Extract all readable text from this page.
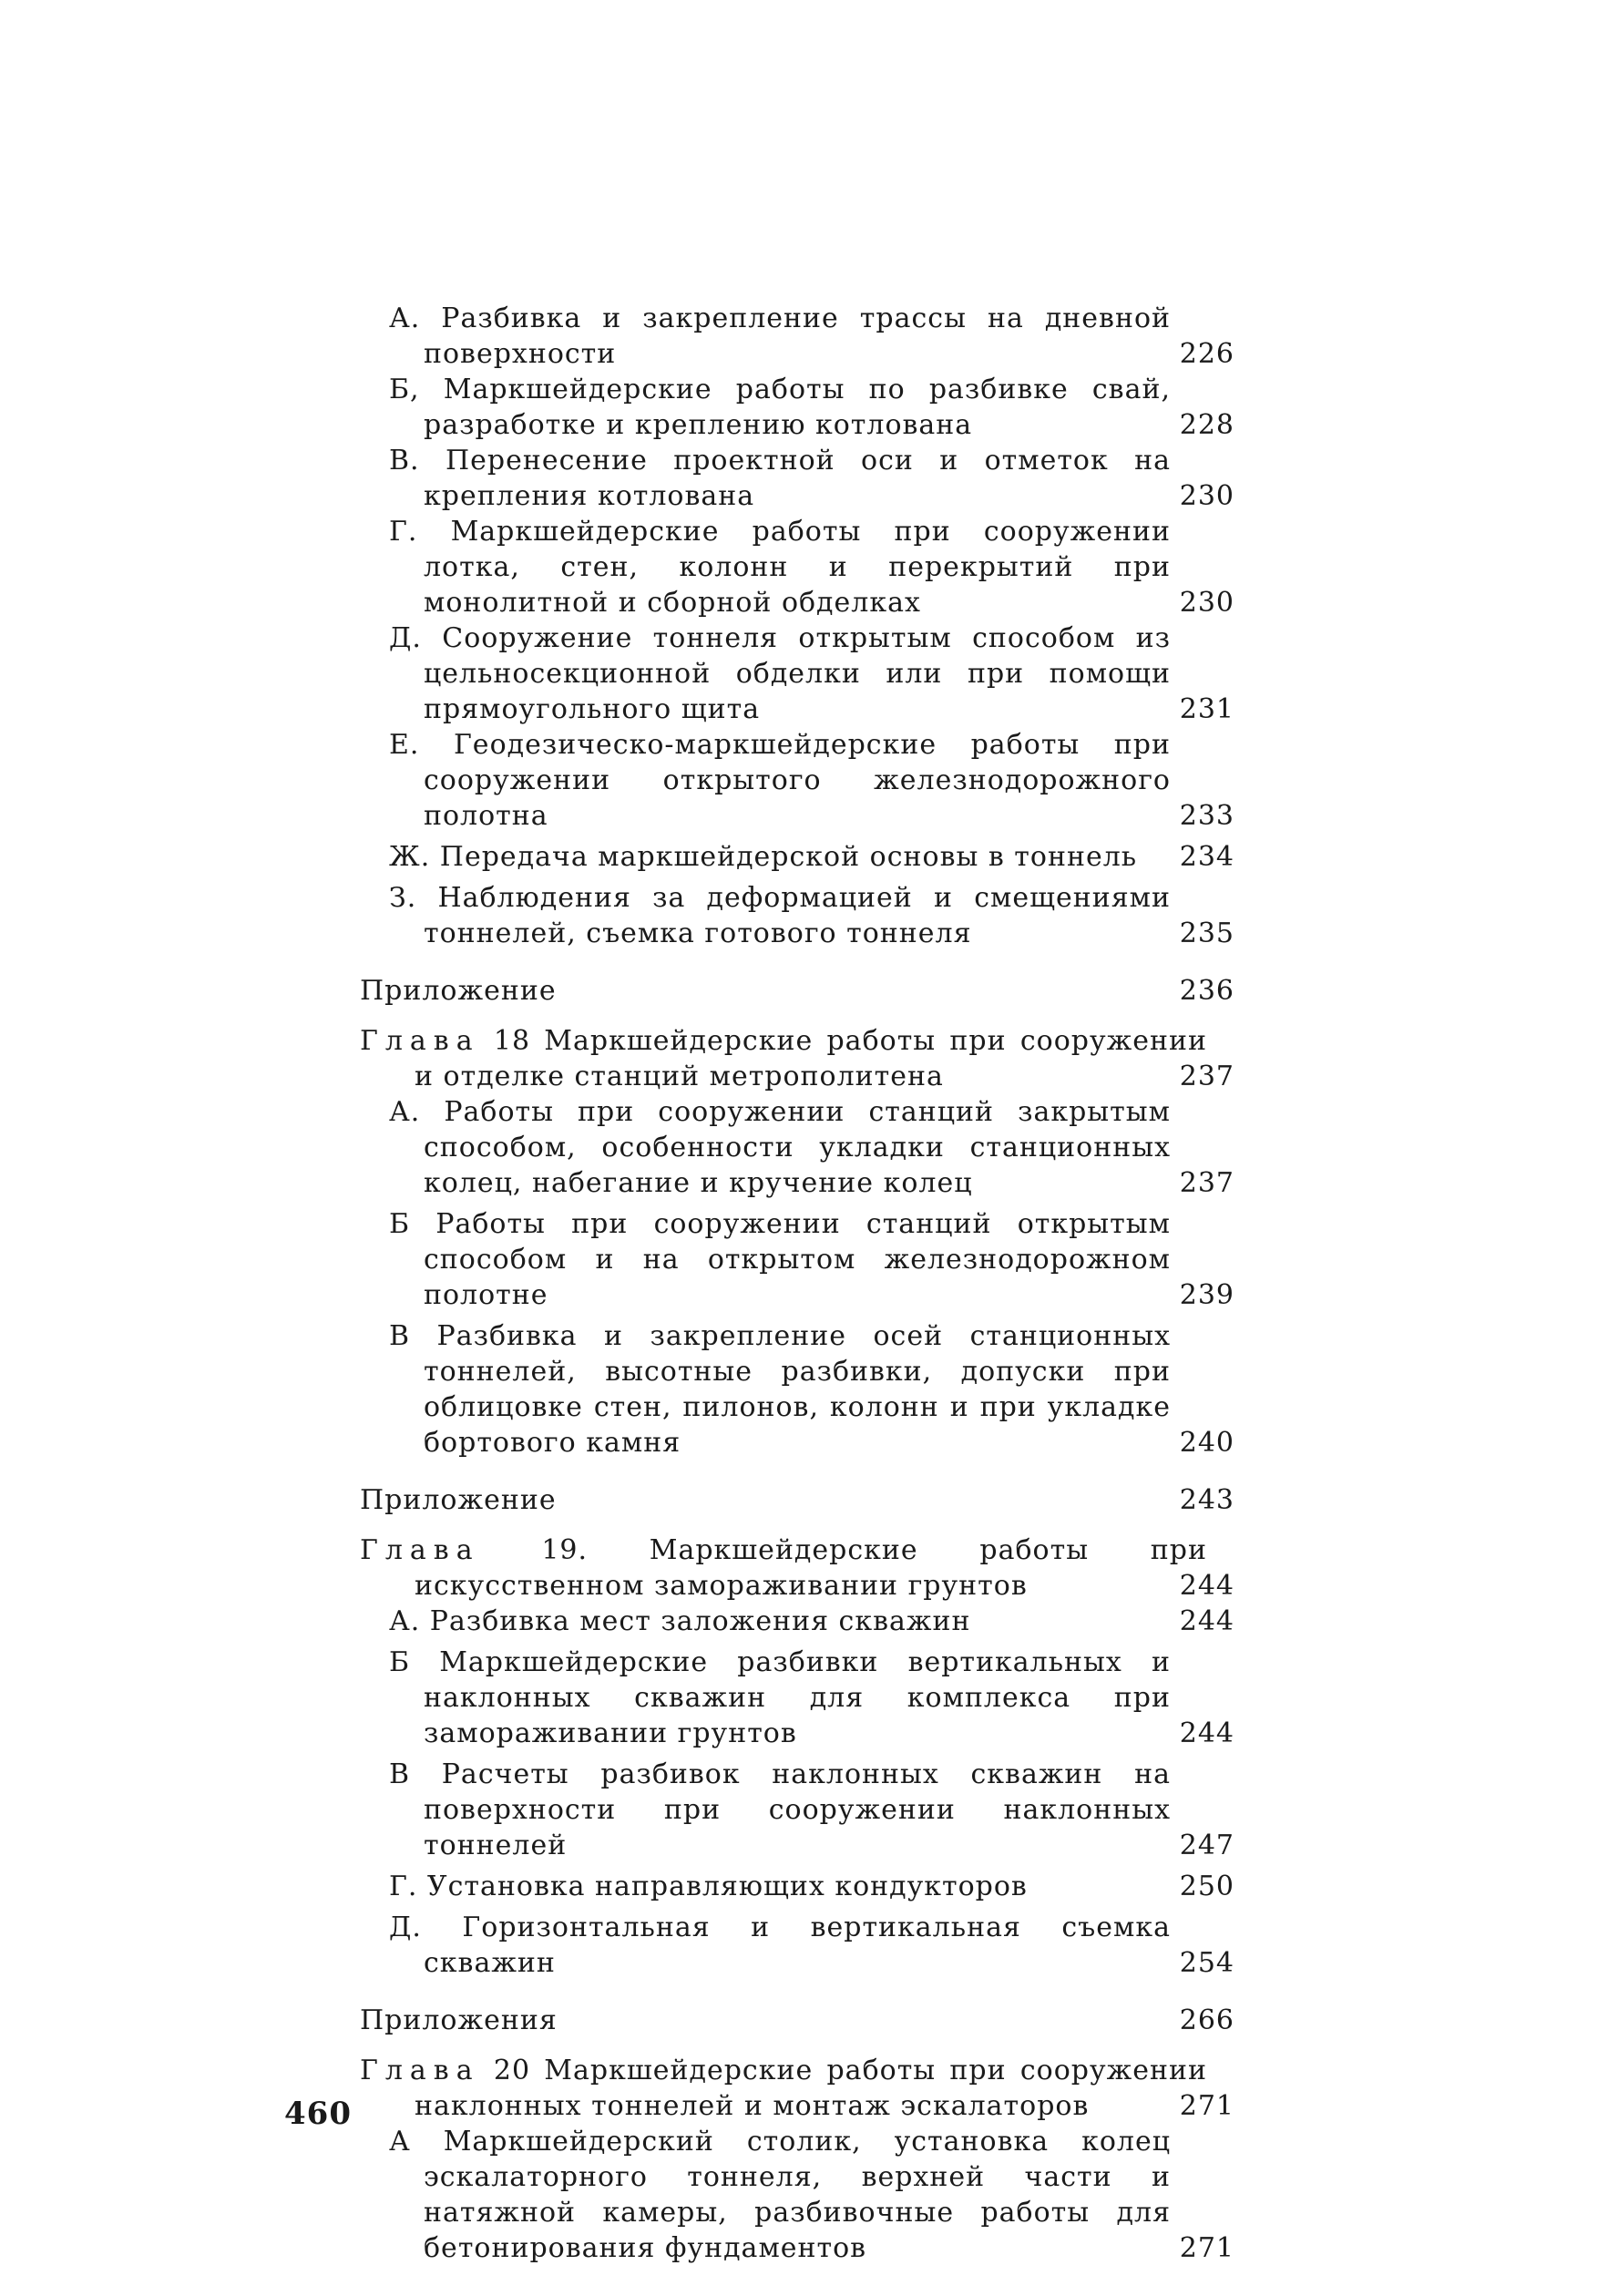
А. Разбивка и закрепление трассы на дневной поверхности	226
Б, Маркшейдерские работы по разбивке свай, разработке и креплению котлована	228
В. Перенесение проектной оси и отметок на крепления котлована	230
Г. Маркшейдерские работы при сооружении лотка, стен, колонн и перекрытий при монолитной и сборной обделках	230
Д. Сооружение тоннеля открытым способом из цельносекционной обделки или при помощи прямоугольного щита	231
Е. Геодезическо-маркшейдерские работы при сооружении открытого железнодорожного полотна	233
Ж. Передача маркшейдерской основы в тоннель	234
З. Наблюдения за деформацией и смещениями тоннелей, съемка готового тоннеля	235
Приложение	236
Глава 18 Маркшейдерские работы при сооружении и отделке станций метрополитена	237
А. Работы при сооружении станций закрытым способом, особенности укладки станционных колец, набегание и кручение колец	237
Б Работы при сооружении станций открытым способом и на открытом железнодорожном полотне	239
В Разбивка и закрепление осей станционных тоннелей, высотные разбивки, допуски при облицовке стен, пилонов, колонн и при укладке бортового камня	240
Приложение	243
Глава 19. Маркшейдерские работы при искусственном замораживании грунтов	244
А. Разбивка мест заложения скважин	244
Б Маркшейдерские разбивки вертикальных и наклонных скважин для комплекса при замораживании грунтов	244
В Расчеты разбивок наклонных скважин на поверхности при сооружении наклонных тоннелей	247
Г. Установка направляющих кондукторов	250
Д. Горизонтальная и вертикальная съемка скважин	254
Приложения	266
Глава 20 Маркшейдерские работы при сооружении наклонных тоннелей и монтаж эскалаторов	271
А Маркшейдерский столик, установка колец эскалаторного тоннеля, верхней части и натяжной камеры, разбивочные работы для бетонирования фундаментов	271
460
